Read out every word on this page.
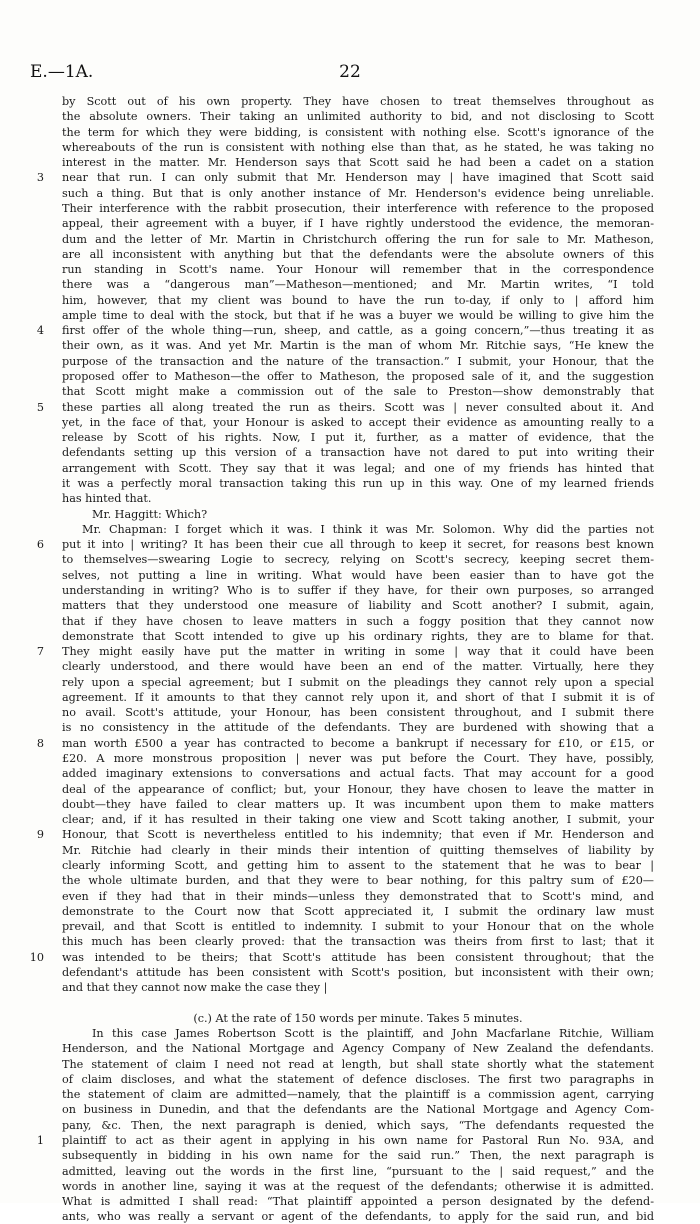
E.—1A.	22
by Scott out of his own property. They have chosen to treat themselves throughout as
the absolute owners. Their taking an unlimited authority to bid, and not disclosing to Scott
the term for which they were bidding, is consistent with nothing else. Scott's ignorance of the
whereabouts of the run is consistent with nothing else than that, as he stated, he was taking no
interest in the matter. Mr. Henderson says that Scott said he had been a cadet on a station
near that run. I can only submit that Mr. Henderson may | have imagined that Scott said
such a thing. But that is only another instance of Mr. Henderson's evidence being unreliable.
Their interference with the rabbit prosecution, their interference with reference to the proposed
appeal, their agreement with a buyer, if I have rightly understood the evidence, the memoran-
dum and the letter of Mr. Martin in Christchurch offering the run for sale to Mr. Matheson,
are all inconsistent with anything but that the defendants were the absolute owners of this
run standing in Scott's name. Your Honour will remember that in the correspondence
there was a “dangerous man”—Matheson—mentioned; and Mr. Martin writes, “I told
him, however, that my client was bound to have the run to-day, if only to | afford him
ample time to deal with the stock, but that if he was a buyer we would be willing to give him the
first offer of the whole thing—run, sheep, and cattle, as a going concern,”—thus treating it as
their own, as it was. And yet Mr. Martin is the man of whom Mr. Ritchie says, “He knew the
purpose of the transaction and the nature of the transaction.” I submit, your Honour, that the
proposed offer to Matheson—the offer to Matheson, the proposed sale of it, and the suggestion
that Scott might make a commission out of the sale to Preston—show demonstrably that
these parties all along treated the run as theirs. Scott was | never consulted about it. And
yet, in the face of that, your Honour is asked to accept their evidence as amounting really to a
release by Scott of his rights. Now, I put it, further, as a matter of evidence, that the
defendants setting up this version of a transaction have not dared to put into writing their
arrangement with Scott. They say that it was legal; and one of my friends has hinted that
it was a perfectly moral transaction taking this run up in this way. One of my learned friends
has hinted that.
Mr. Haggitt: Which?
Mr. Chapman: I forget which it was. I think it was Mr. Solomon. Why did the parties not
put it into | writing? It has been their cue all through to keep it secret, for reasons best known
to themselves—swearing Logie to secrecy, relying on Scott's secrecy, keeping secret them-
selves, not putting a line in writing. What would have been easier than to have got the
understanding in writing? Who is to suffer if they have, for their own purposes, so arranged
matters that they understood one measure of liability and Scott another? I submit, again,
that if they have chosen to leave matters in such a foggy position that they cannot now
demonstrate that Scott intended to give up his ordinary rights, they are to blame for that.
They might easily have put the matter in writing in some | way that it could have been
clearly understood, and there would have been an end of the matter. Virtually, here they
rely upon a special agreement; but I submit on the pleadings they cannot rely upon a special
agreement. If it amounts to that they cannot rely upon it, and short of that I submit it is of
no avail. Scott's attitude, your Honour, has been consistent throughout, and I submit there
is no consistency in the attitude of the defendants. They are burdened with showing that a
man worth £500 a year has contracted to become a bankrupt if necessary for £10, or £15, or
£20. A more monstrous proposition | never was put before the Court. They have, possibly,
added imaginary extensions to conversations and actual facts. That may account for a good
deal of the appearance of conflict; but, your Honour, they have chosen to leave the matter in
doubt—they have failed to clear matters up. It was incumbent upon them to make matters
clear; and, if it has resulted in their taking one view and Scott taking another, I submit, your
Honour, that Scott is nevertheless entitled to his indemnity; that even if Mr. Henderson and
Mr. Ritchie had clearly in their minds their intention of quitting themselves of liability by
clearly informing Scott, and getting him to assent to the statement that he was to bear |
the whole ultimate burden, and that they were to bear nothing, for this paltry sum of £20—
even if they had that in their minds—unless they demonstrated that to Scott's mind, and
demonstrate to the Court now that Scott appreciated it, I submit the ordinary law must
prevail, and that Scott is entitled to indemnity. I submit to your Honour that on the whole
this much has been clearly proved: that the transaction was theirs from first to last; that it
was intended to be theirs; that Scott's attitude has been consistent throughout; that the
defendant's attitude has been consistent with Scott's position, but inconsistent with their own;
and that they cannot now make the case they |
(c.) At the rate of 150 words per minute. Takes 5 minutes.
In this case James Robertson Scott is the plaintiff, and John Macfarlane Ritchie, William
Henderson, and the National Mortgage and Agency Company of New Zealand the defendants.
The statement of claim I need not read at length, but shall state shortly what the statement
of claim discloses, and what the statement of defence discloses. The first two paragraphs in
the statement of claim are admitted—namely, that the plaintiff is a commission agent, carrying
on business in Dunedin, and that the defendants are the National Mortgage and Agency Com-
pany, &c. Then, the next paragraph is denied, which says, “The defendants requested the
plaintiff to act as their agent in applying in his own name for Pastoral Run No. 93A, and
subsequently in bidding in his own name for the said run.” Then, the next paragraph is
admitted, leaving out the words in the first line, “pursuant to the | said request,” and the
words in another line, saying it was at the request of the defendants; otherwise it is admitted.
What is admitted I shall read: “That plaintiff appointed a person designated by the defend-
ants, who was really a servant or agent of the defendants, to apply for the said run, and bid
3
4
5
6
7
8
9
10
1
